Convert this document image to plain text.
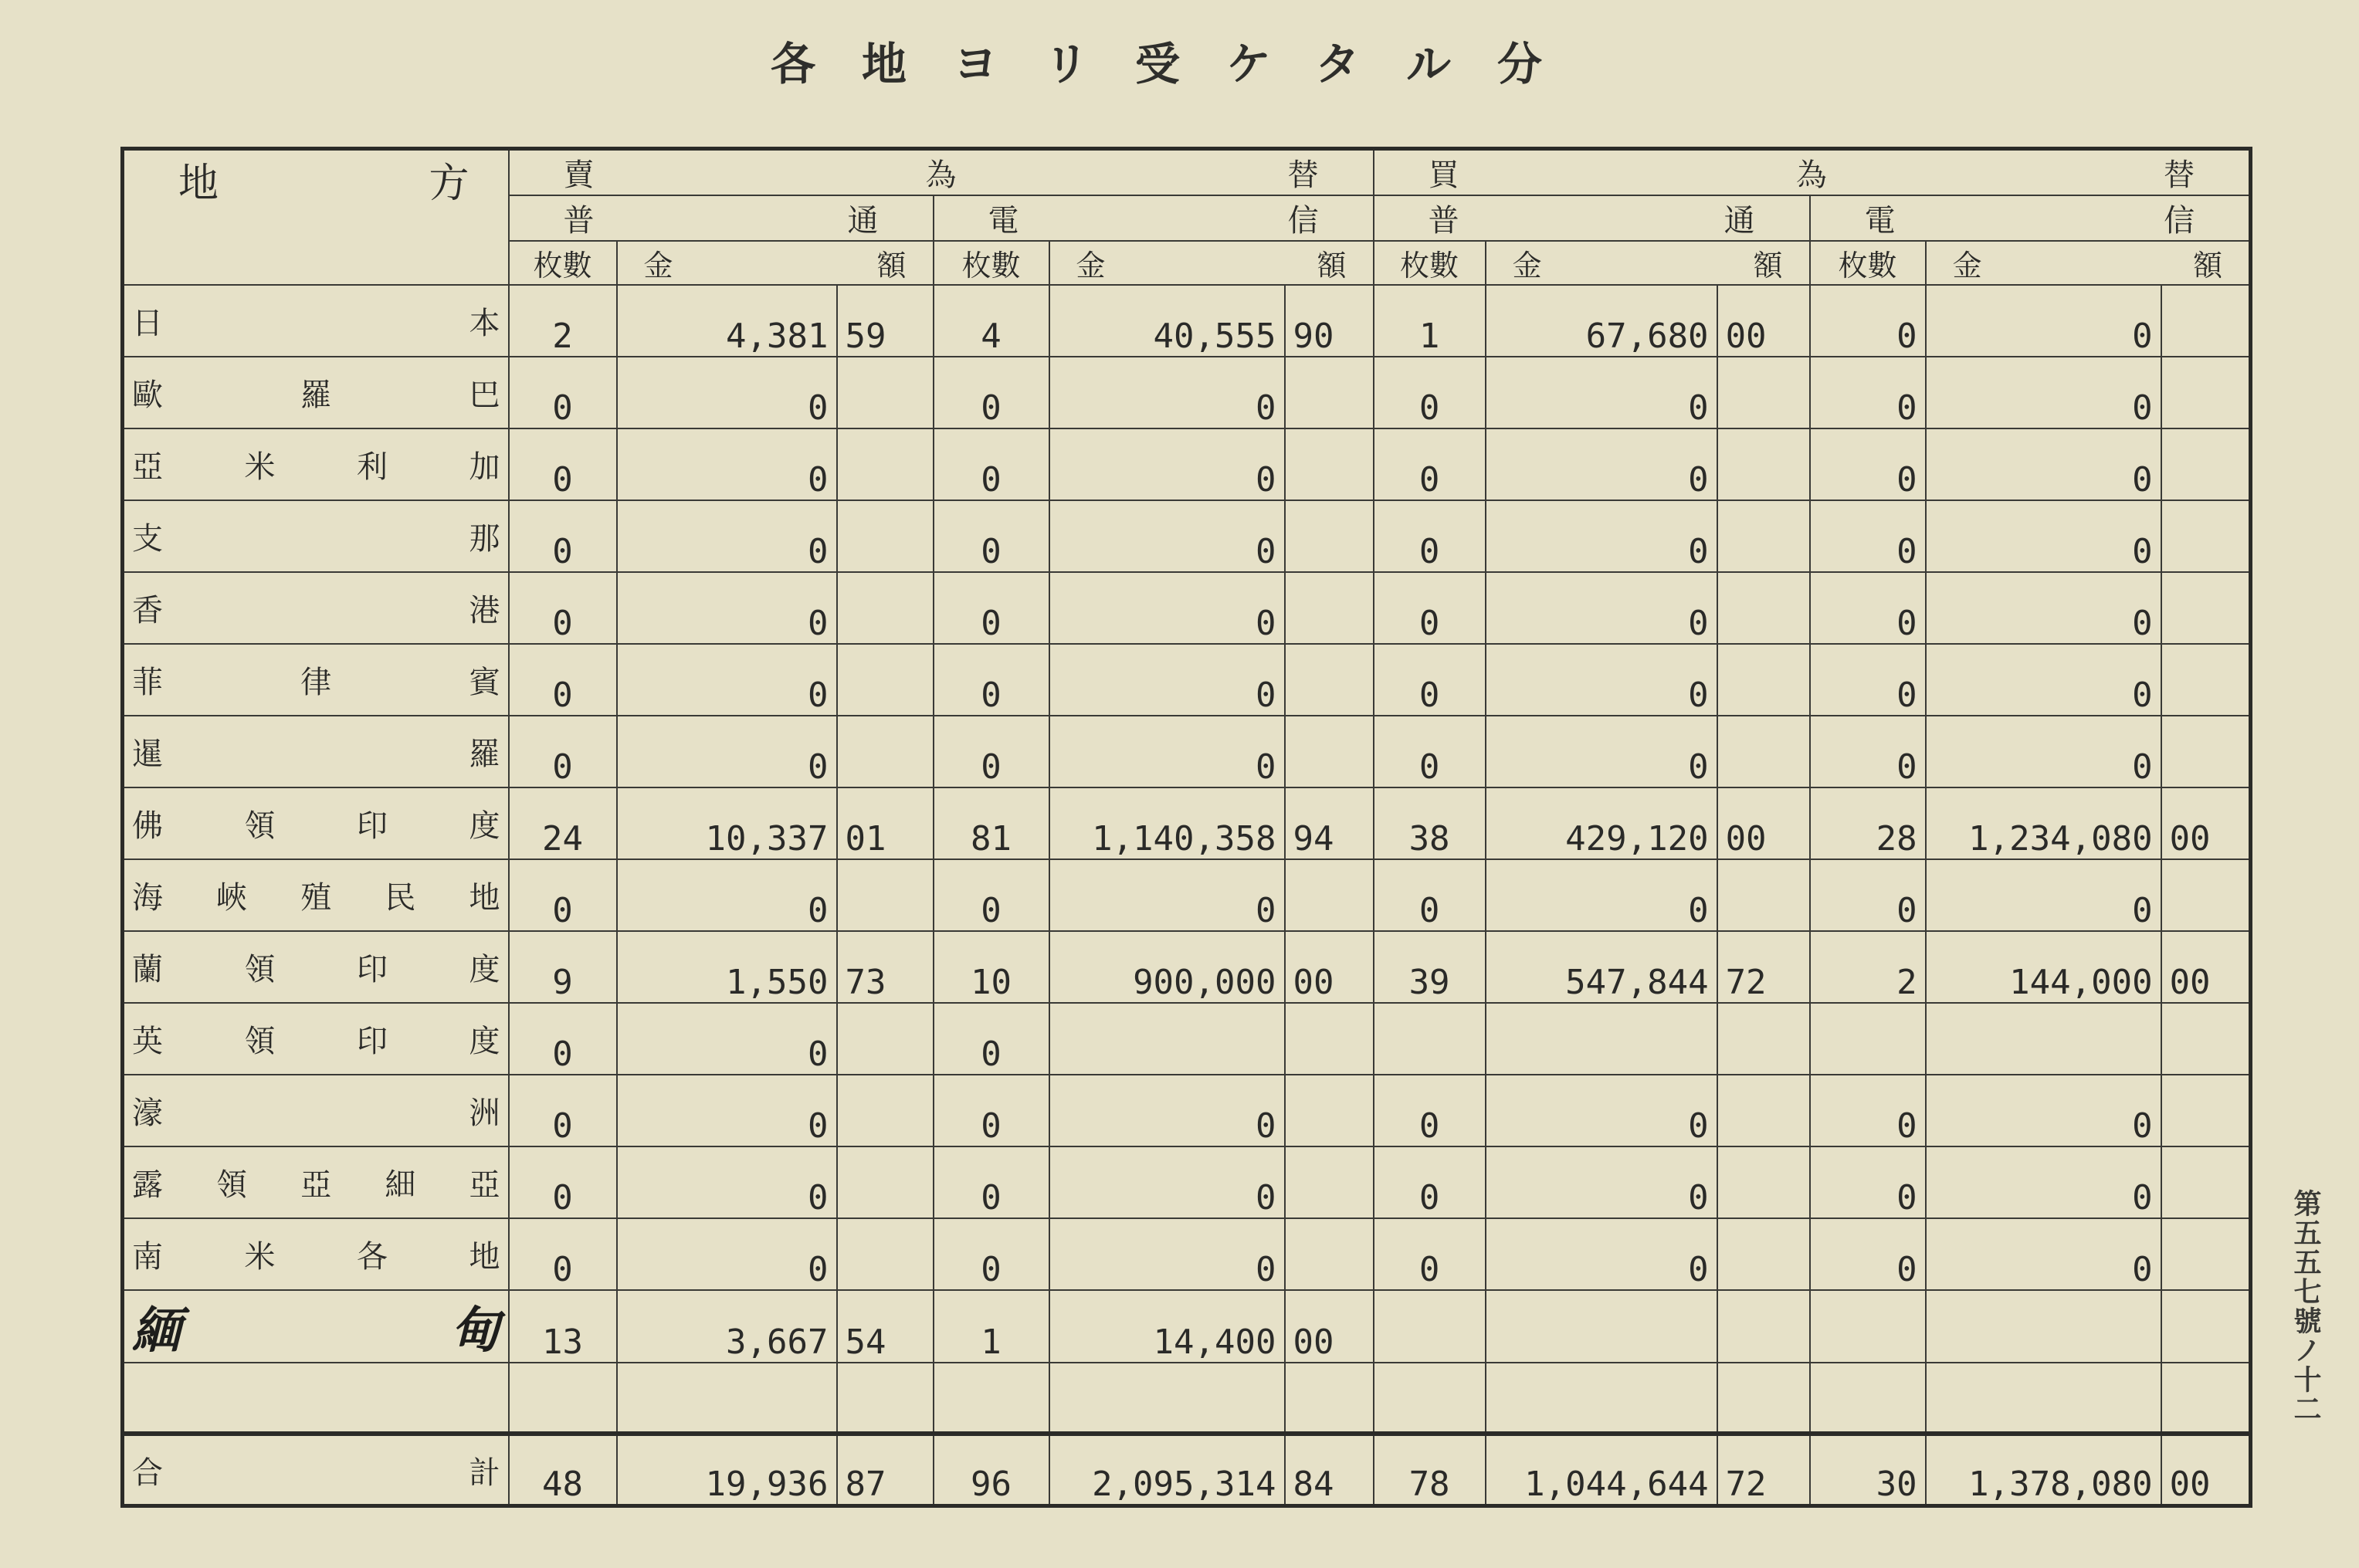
各地ヨリ受ケタル分
第五五七號ノ十二
地 方	賣 為 替						買 為 替					

	普 通			電 信			普 通			電 信		

	枚數	金 額		枚數	金 額		枚數	金 額		枚數	金 額	

日 本	2	4,381	59	4	40,555	90	1	67,680	00	0	0	

歐 羅 巴	0	0		0	0		0	0		0	0	

亞 米 利 加	0	0		0	0		0	0		0	0	

支 那	0	0		0	0		0	0		0	0	

香 港	0	0		0	0		0	0		0	0	

菲 律 賓	0	0		0	0		0	0		0	0	

暹 羅	0	0		0	0		0	0		0	0	

佛 領 印 度	24	10,337	01	81	1,140,358	94	38	429,120	00	28	1,234,080	00

海 峽 殖 民 地	0	0		0	0		0	0		0	0	

蘭 領 印 度	9	1,550	73	10	900,000	00	39	547,844	72	2	144,000	00

英 領 印 度	0	0		0								

濠 洲	0	0		0	0		0	0		0	0	

露 領 亞 細 亞	0	0		0	0		0	0		0	0	

南 米 各 地	0	0		0	0		0	0		0	0	

緬 甸	13	3,667	54	1	14,400	00						

合 計	48	19,936	87	96	2,095,314	84	78	1,044,644	72	30	1,378,080	00
